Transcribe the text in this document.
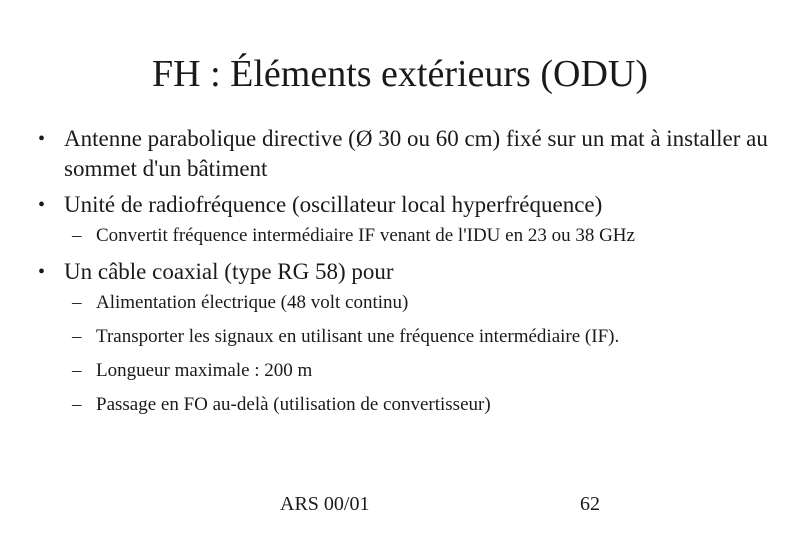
FH : Éléments extérieurs (ODU)
• Antenne parabolique directive (Ø 30 ou 60 cm) fixé sur un mat à installer au sommet d'un bâtiment
• Unité de radiofréquence (oscillateur local hyperfréquence)
– Convertit fréquence intermédiaire IF venant de l'IDU en 23 ou 38 GHz
• Un câble coaxial (type RG 58) pour
– Alimentation électrique (48 volt continu)
– Transporter les signaux en utilisant une fréquence intermédiaire (IF).
– Longueur maximale : 200 m
– Passage en FO au-delà (utilisation de convertisseur)
ARS 00/01	62
